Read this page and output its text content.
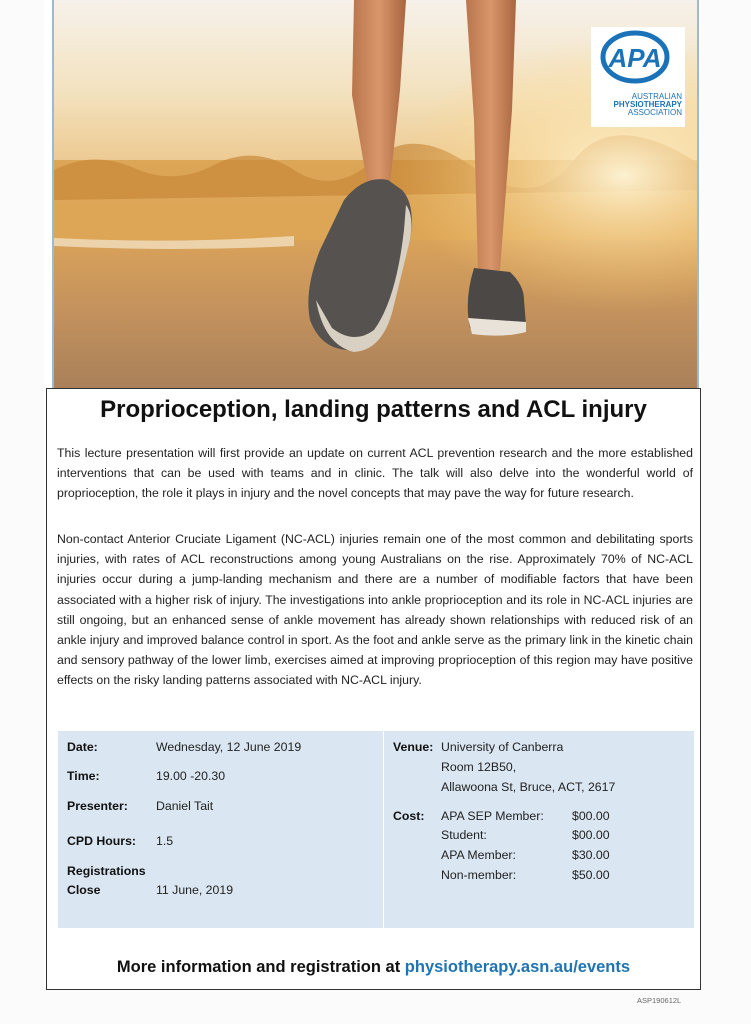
APA
AUSTRALIAN
PHYSIOTHERAPY
ASSOCIATION
Proprioception, landing patterns and ACL injury
This lecture presentation will first provide an update on current ACL prevention research and the more established interventions that can be used with teams and in clinic. The talk will also delve into the wonderful world of proprioception, the role it plays in injury and the novel concepts that may pave the way for future research.
Non-contact Anterior Cruciate Ligament (NC-ACL) injuries remain one of the most common and debilitating sports injuries, with rates of ACL reconstructions among young Australians on the rise. Approximately 70% of NC-ACL injuries occur during a jump-landing mechanism and there are a number of modifiable factors that have been associated with a higher risk of injury. The investigations into ankle proprioception and its role in NC-ACL injuries are still ongoing, but an enhanced sense of ankle movement has already shown relationships with reduced risk of an ankle injury and improved balance control in sport. As the foot and ankle serve as the primary link in the kinetic chain and sensory pathway of the lower limb, exercises aimed at improving proprioception of this region may have positive effects on the risky landing patterns associated with NC-ACL injury.
Date:	Wednesday, 12 June 2019
Time:	19.00 -20.30
Presenter: Daniel Tait
CPD Hours: 1.5
Registrations
Close	11 June, 2019
Venue: University of Canberra
Room 12B50,
Allawoona St, Bruce, ACT, 2617
Cost: APA SEP Member: $00.00
Student:	$00.00
APA Member:	$30.00
Non-member:	$50.00
More information and registration at physiotherapy.asn.au/events
ASP190612L
